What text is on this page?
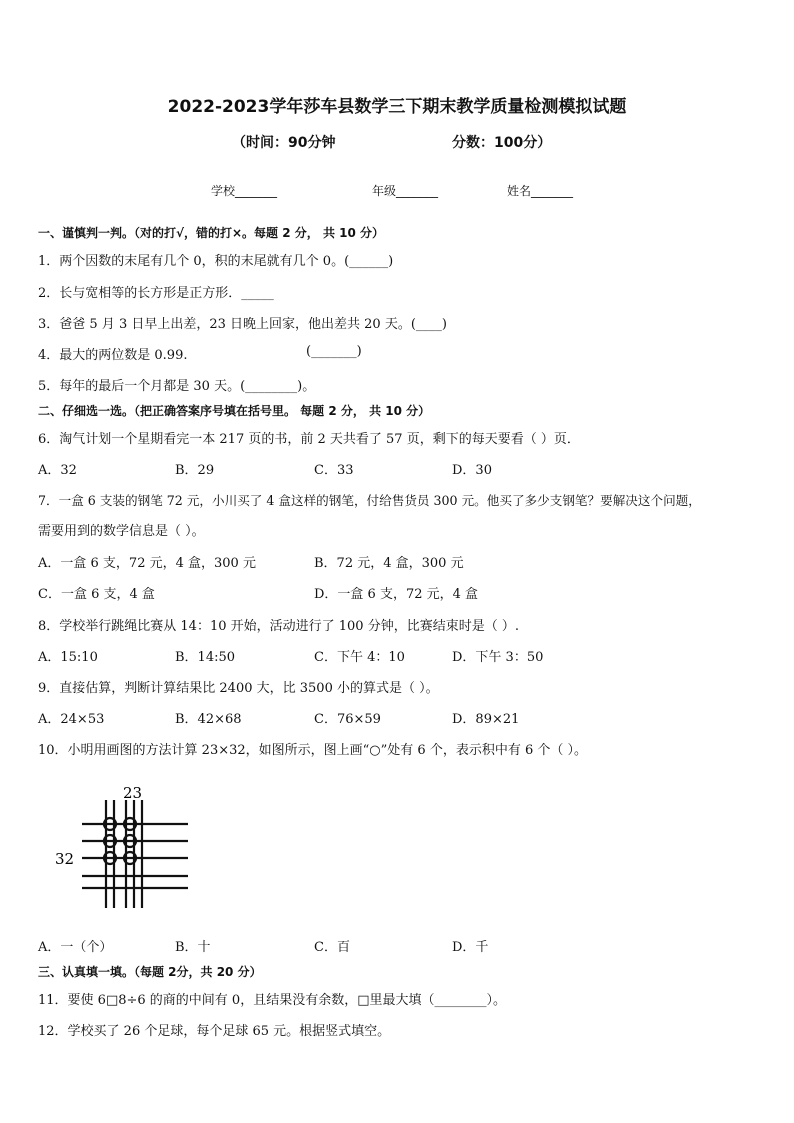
2022-2023学年莎车县数学三下期末教学质量检测模拟试题
（时间：90分钟	分数：100分）
学校_______	年级_______	姓名_______
一、谨慎判一判。（对的打√，错的打×。每题 2 分， 共 10 分）
1．两个因数的末尾有几个 0，积的末尾就有几个 0。(______)
2．长与宽相等的长方形是正方形．_____
3．爸爸 5 月 3 日早上出差，23 日晚上回家，他出差共 20 天。(____)
4．最大的两位数是 0.99.	(_______)
5．每年的最后一个月都是 30 天。(________)。
二、仔细选一选。（把正确答案序号填在括号里。 每题 2 分， 共 10 分）
6．淘气计划一个星期看完一本 217 页的书，前 2 天共看了 57 页，剩下的每天要看（ ）页．
A．32	B．29	C．33	D．30
7．一盒 6 支装的钢笔 72 元，小川买了 4 盒这样的钢笔，付给售货员 300 元。他买了多少支钢笔？要解决这个问题，
需要用到的数学信息是（ ）。
A．一盒 6 支，72 元，4 盒，300 元	B．72 元，4 盒，300 元
C．一盒 6 支，4 盒	D．一盒 6 支，72 元，4 盒
8．学校举行跳绳比赛从 14：10 开始，活动进行了 100 分钟，比赛结束时是（ ）.
A．15:10	B．14:50	C．下午 4：10	D．下午 3：50
9．直接估算，判断计算结果比 2400 大，比 3500 小的算式是（ ）。
A．24×53	B．42×68	C．76×59	D．89×21
10．小明用画图的方法计算 23×32，如图所示，图上画“○”处有 6 个，表示积中有 6 个（ ）。
23
32
A．一（个）	B．十	C．百	D．千
三、认真填一填。（每题 2分，共 20 分）
11．要使 6□8÷6 的商的中间有 0，且结果没有余数，□里最大填（________）。
12．学校买了 26 个足球，每个足球 65 元。根据竖式填空。
